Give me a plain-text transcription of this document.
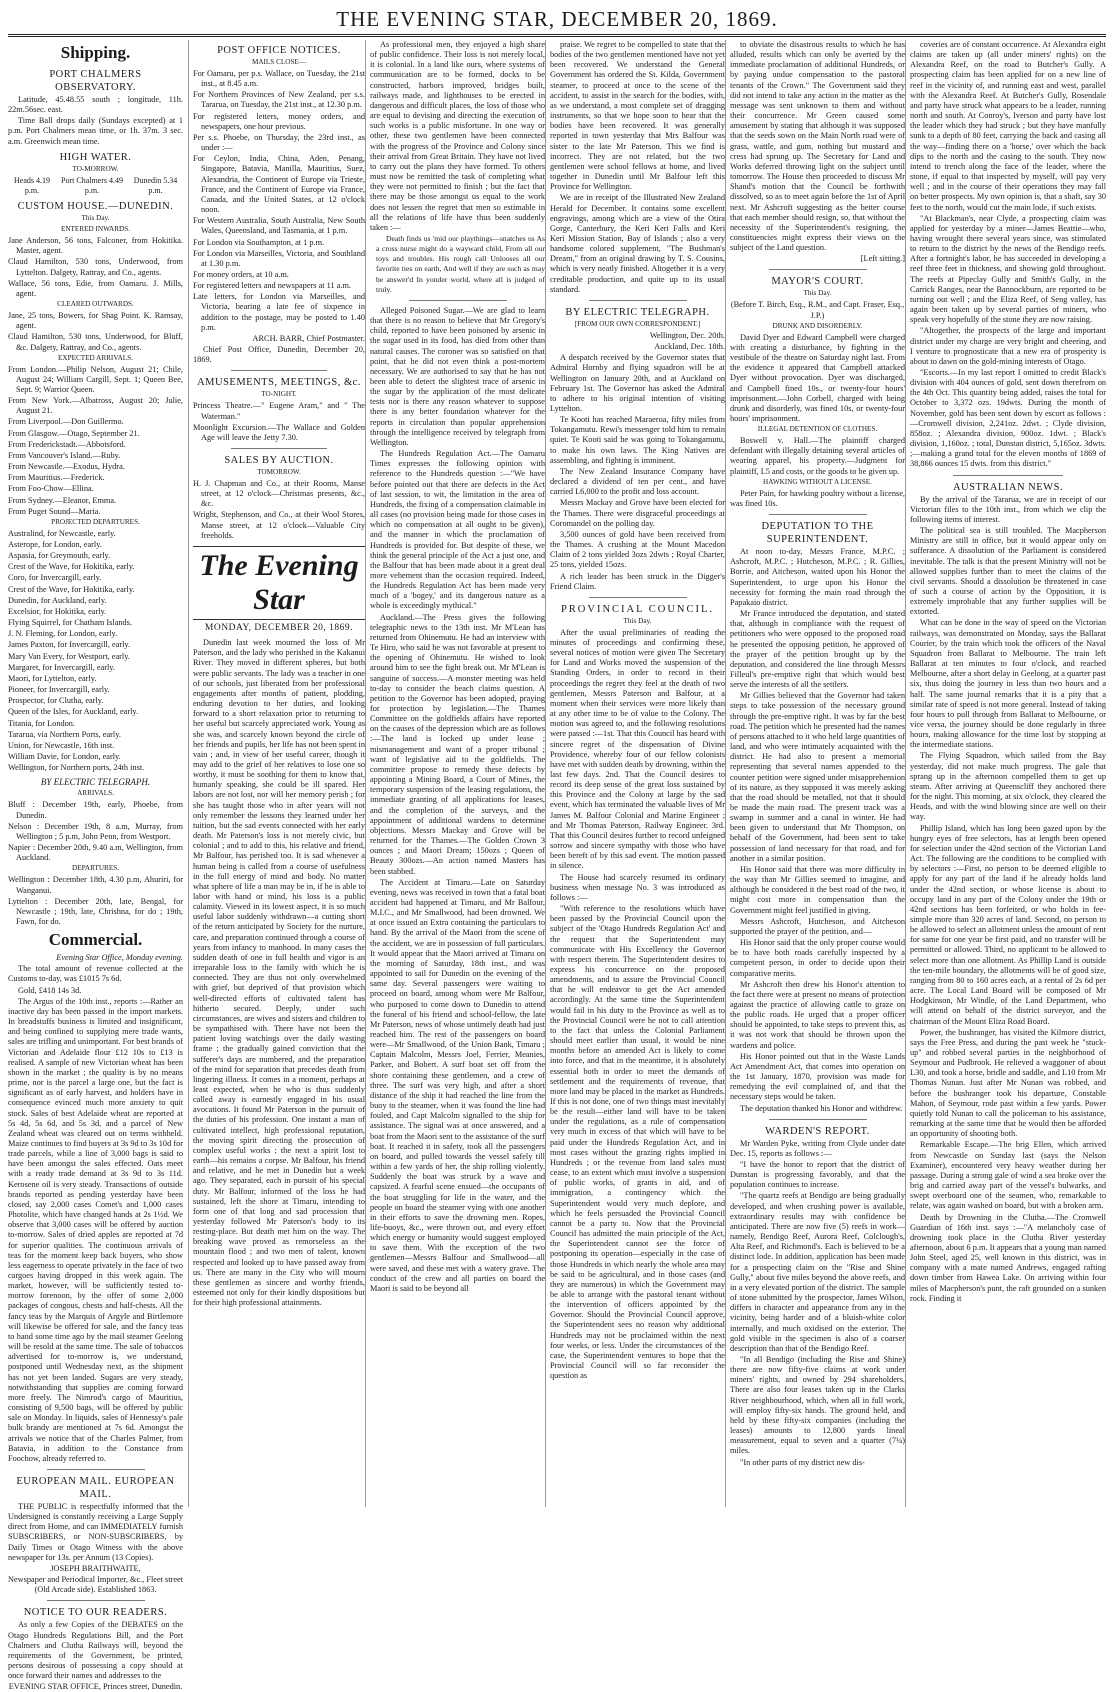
THE EVENING STAR, DECEMBER 20, 1869.
Shipping.
PORT CHALMERS OBSERVATORY.

Latitude, 45.48.55 south ; longitude, 11h. 22m.56sec. east.

Time Ball drops daily (Sundays excepted) at 1 p.m. Port Chalmers mean time, or 1h. 37m. 3 sec. a.m. Greenwich mean time.

HIGH WATER.
TO-MORROW.
Heads 4.19 p.m.
Port Chalmers 4.49 p.m.
Dunedin 5.34 p.m.
CUSTOM HOUSE.—DUNEDIN.
This Day.
ENTERED INWARDS.

Jane Anderson, 56 tons, Falconer, from Hokitika. Master, agent.

Claud Hamilton, 530 tons, Underwood, from Lyttelton. Dalgety, Rattray, and Co., agents.

Wallace, 56 tons, Edie, from Oamaru. J. Mills, agent.

CLEARED OUTWARDS.

Jane, 25 tons, Bowers, for Shag Point. K. Ramsay, agent.

Claud Hamilton, 530 tons, Underwood, for Bluff, &c. Dalgety, Rattray, and Co., agents.

EXPECTED ARRIVALS.

From London.—Philip Nelson, August 21; Chile, August 24; William Cargill, Sept. 1; Queen Bee, Sept. 9; Warrior Queen.

From New York.—Albatross, August 20; Julie, August 21.

From Liverpool.—Don Guillermo.

From Glasgow.—Otago, September 21.

From Frederickstadt.—Abbotsford.

From Vancouver's Island.—Ruby.

From Newcastle.—Exodus, Hydra.

From Mauritius.—Frederick.

From Foo-Chow—Ellina.

From Sydney.—Eleanor, Emma.

From Puget Sound—Maria.

PROJECTED DEPARTURES.

Australind, for Newcastle, early.

Asterope, for London, early.

Aspasia, for Greymouth, early.

Crest of the Wave, for Hokitika, early.

Coro, for Invercargill, early.

Crest of the Wave, for Hokitika, early.

Dunedin, for Auckland, early.

Excelsior, for Hokitika, early.

Flying Squirrel, for Chatham Islands.

J. N. Fleming, for London, early.

James Paxton, for Invercargill, early.

Mary Van Every, for Westport, early.

Margaret, for Invercargill, early.

Maori, for Lyttelton, early.

Pioneer, for Invercargill, early.

Prospector, for Clutha, early.

Queen of the Isles, for Auckland, early.

Titania, for London.

Tararua, via Northern Ports, early.

Union, for Newcastle, 16th inst.

William Davie, for London, early.

Wellington, for Northern ports, 24th inst.

BY ELECTRIC TELEGRAPH.
ARRIVALS.

Bluff : December 19th, early, Phoebe, from Dunedin.

Nelson : December 19th, 8 a.m, Murray, from Wellington ; 5 p.m, John Penn, from Westport.

Napier : December 20th, 9.40 a.m, Wellington, from Auckland.

DEPARTURES.

Wellington : December 18th, 4.30 p.m, Ahuriri, for Wanganui.

Lyttelton : December 20th, late, Bengal, for Newcastle ; 19th, late, Chrishna, for do ; 19th, Fawn, for do.

Commercial.

Evening Star Office, Monday evening.

The total amount of revenue collected at the Customs to-day, was £1015 7s 6d.

Gold, £418 14s 3d.

The Argus of the 10th inst., reports :—Rather an inactive day has been passed in the import markets. In breadstuffs business is limited and insignificant, and being confined to supplying mere trade wants, sales are trifling and unimportant. For best brands of Victorian and Adelaide flour £12 10s to £13 is realised. A sample of new Victorian wheat has been shown in the market ; the quality is by no means prime, nor is the parcel a large one, but the fact is significant as of early harvest, and holders have in consequence evinced much more anxiety to quit stock. Sales of best Adelaide wheat are reported at 5s 4d, 5s 6d, and 5s 3d, and a parcel of New Zealand wheat was cleared out on terms withheld. Maize continues to find buyers at 3s 9d to 3s 10d for trade parcels, while a line of 3,000 bags is said to have been amongst the sales effected. Oats meet with a ready trade demand at 3s 9d to 3s 11d. Kerosene oil is very steady. Transactions of outside brands reported as pending yesterday have been closed, say 2,000 cases Comet's and 1,000 cases Photolite, which have changed hands at 2s 1½d. We observe that 3,000 cases will be offered by auction to-morrow. Sales of dried apples are reported at 7d for superior qualities. The continuous arrivals of teas for the moment keep back buyers, who show less eagerness to operate privately in the face of two cargoes having dropped in this week again. The market, however, will be sufficiently tested to-morrow forenoon, by the offer of some 2,000 packages of congous, chests and half-chests. All the fancy teas by the Marquis of Argyle and Birtlemore will likewise be offered for sale, and the fancy teas to hand some time ago by the mail steamer Geelong will be resold at the same time. The sale of tobaccos advertised for to-morrow is, we understand, postponed until Wednesday next, as the shipment has not yet been landed. Sugars are very steady, notwithstanding that supplies are coming forward more freely. The Nimrod's cargo of Mauritius, consisting of 9,500 bags, will be offered by public sale on Monday. In liquids, sales of Hennessy's pale bulk brandy are mentioned at 7s 6d. Amongst the arrivals we notice that of the Charles Palmer, from Batavia, in addition to the Constance from Foochow, already referred to.

EUROPEAN MAIL. EUROPEAN MAIL.

THE PUBLIC is respectfully informed that the Undersigned is constantly receiving a Large Supply direct from Home, and can IMMEDIATELY furnish SUBSCRIBERS, or NON-SUBSCRIBERS, by Daily Times or Otago Witness with the above newspaper for 13s. per Annum (13 Copies).

JOSEPH BRAITHWAITE,

Newspaper and Periodical Importer, &c., Fleet street (Old Arcade side). Established 1863.

NOTICE TO OUR READERS.

As only a few Copies of the DEBATES on the Otago Hundreds Regulations Bill, and the Port Chalmers and Clutha Railways will, beyond the requirements of the Government, be printed, persons desirous of possessing a copy should at once forward their names and addresses to the

EVENING STAR OFFICE, Princes street, Dunedin.

POST OFFICE NOTICES.
MAILS CLOSE—

For Oamaru, per p.s. Wallace, on Tuesday, the 21st inst., at 8.45 a.m.

For Northern Provinces of New Zealand, per s.s. Tararua, on Tuesday, the 21st inst., at 12.30 p.m.

For registered letters, money orders, and newspapers, one hour previous.

Per s.s. Phoebe, on Thursday, the 23rd inst., as under :—

For Ceylon, India, China, Aden, Penang, Singapore, Batavia, Manilla, Mauritius, Suez, Alexandria, the Continent of Europe via Trieste, France, and the Continent of Europe via France, Canada, and the United States, at 12 o'clock noon.

For Western Australia, South Australia, New South Wales, Queensland, and Tasmania, at 1 p.m.

For London via Southampton, at 1 p.m.

For London via Marseilles, Victoria, and Southland at 1.30 p.m.

For money orders, at 10 a.m.

For registered letters and newspapers at 11 a.m.

Late letters, for London via Marseilles, and Victoria, bearing a late fee of sixpence in addition to the postage, may be posted to 1.40 p.m.

ARCH. BARR, Chief Postmaster.

Chief Post Office, Dunedin, December 20, 1869.

AMUSEMENTS, MEETINGS, &c.
TO-NIGHT.

Princess Theatre.—" Eugene Aram," and " The Waterman."

Moonlight Excursion.—The Wallace and Golden Age will leave the Jetty 7.30.

SALES BY AUCTION.
TOMORROW.

H. J. Chapman and Co., at their Rooms, Manse street, at 12 o'clock—Christmas presents, &c., &c.

Wright, Stephenson, and Co., at their Wool Stores, Manse street, at 12 o'clock—Valuable City freeholds.

The Evening Star
MONDAY, DECEMBER 20, 1869.

Dunedin last week mourned the loss of Mr Paterson, and the lady who perished in the Kakanui River. They moved in different spheres, but both were public servants. The lady was a teacher in one of our schools, just liberated from her professional engagements after months of patient, plodding, enduring devotion to her duties, and looking forward to a short relaxation prior to returning to her useful but scarcely appreciated work. Young as she was, and scarcely known beyond the circle of her friends and pupils, her life has not been spent in vain ; and, in view of her useful career, though it may add to the grief of her relatives to lose one so worthy, it must be soothing for them to know that, humanly speaking, she could be ill spared. Her labors are not lost, nor will her memory perish ; for she has taught those who in after years will not only remember the lessons they learned under her tuition, but the sad events connected with her early death. Mr Paterson's loss is not merely civic, but colonial ; and to add to this, his relative and friend, Mr Balfour, has perished too. It is sad whenever a human being is called from a course of usefulness in the full energy of mind and body. No matter what sphere of life a man may be in, if he is able to labor with hand or mind, his loss is a public calamity. Viewed in its lowest aspect, it is so much useful labor suddenly withdrawn—a cutting short of the return anticipated by Society for the nurture, care, and preparation continued through a course of years from infancy to manhood. In many cases the sudden death of one in full health and vigor is an irreparable loss to the family with which he is connected. They are thus not only overwhelmed with grief, but deprived of that provision which well-directed efforts of cultivated talent has hitherto secured. Deeply, under such circumstances, are wives and sisters and children to be sympathised with. There have not been the patient loving watchings over the daily wasting frame ; the gradually gained conviction that the sufferer's days are numbered, and the preparation of the mind for separation that precedes death from lingering illness. It comes in a moment, perhaps at least expected, when he who is thus suddenly called away is earnestly engaged in his usual avocations. It found Mr Paterson in the pursuit of the duties of his profession. One instant a man of cultivated intellect, high professional reputation, the moving spirit directing the prosecution of complex useful works ; the next a spirit lost to earth—his remains a corpse. Mr Balfour, his friend and relative, and he met in Dunedin but a week ago. They separated, each in pursuit of his special duty. Mr Balfour, informed of the loss he had sustained, left the shore at Timaru, intending to form one of that long and sad procession that yesterday followed Mr Paterson's body to its resting-place. But death met him on the way. The breaking wave proved as remorseless as the mountain flood ; and two men of talent, known respected and looked up to have passed away from us. There are many in the City who will mourn these gentlemen as sincere and worthy friends, esteemed not only for their kindly dispositions but for their high professional attainments.

As professional men, they enjoyed a high share of public confidence. Their loss is not merely local, it is colonial. In a land like ours, where systems of communication are to be formed, docks to be constructed, harbors improved, bridges built, railways made, and lighthouses to be erected in dangerous and difficult places, the loss of those who are equal to devising and directing the execution of such works is a public misfortune. In one way or other, these two gentlemen have been connected with the progress of the Province and Colony since their arrival from Great Britain. They have not lived to carry out the plans they have formed. To others must now be remitted the task of completing what they were not permitted to finish ; but the fact that there may be those amongst us equal to the work does not lessen the regret that men so estimable in all the relations of life have thus been suddenly taken :—

Death finds us 'mid our playthings—snatches us As a cross nurse might do a wayward child, From all our toys and troubles. His rough call Unlooses all our favorite ties on earth, And well if they are such as may be answer'd In yonder world, where all is judged of truly.

Alleged Poisoned Sugar.—We are glad to learn that there is no reason to believe that Mr Gregory's child, reported to have been poisoned by arsenic in the sugar used in its food, has died from other than natural causes. The coroner was so satisfied on that point, that he did not even think a post-mortem necessary. We are authorised to say that he has not been able to detect the slightest trace of arsenic in the sugar by the application of the most delicate tests nor is there any reason whatever to suppose there is any better foundation whatever for the reports in circulation than popular apprehension through the intelligence received by telegraph from Wellington.

The Hundreds Regulation Act.—The Oamaru Times expresses the following opinion with reference to the Hundreds question :—"We have before pointed out that there are defects in the Act of last session, to wit, the limitation in the area of Hundreds, the fixing of a compensation claimable in all cases (no provision being made for those cases in which no compensation at all ought to be given), and the manner in which the proclamation of Hundreds is provided for. But despite of these, we think the general principle of the Act a just one, and the Balfour that has been made about it a great deal more vehement than the occasion required. Indeed, the Hundreds Regulation Act has been made very much of a 'bogey,' and its dangerous nature as a whole is exceedingly mythical."

Auckland.—The Press gives the following telegraphic news to the 13th inst. Mr M'Lean has returned from Ohinemutu. He had an interview with Te Hiro, who said he was not favorable at present to the opening of Ohinemutu. He wished to look around him to see the fight break out. Mr M'Lean is sanguine of success.—A monster meeting was held to-day to consider the beach claims question. A petition to the Governor has been adopted, praying for protection by legislation.—The Thames Committee on the goldfields affairs have reported on the causes of the depression which are as follows :—The land is locked up under lease ; mismanagement and want of a proper tribunal ; want of legislative aid to the goldfields. The committee propose to remedy these defects by appointing a Mining Board, a Court of Mines, the temporary suspension of the leasing regulations, the immediate granting of all applications for leases, and the completion of the surveys, and the appointment of additional wardens to determine objections. Messrs Mackay and Grove will be returned for the Thames.—The Golden Crown 3 ounces ; and Maori Dream; 150ozs ; Queen of Beauty 300ozs.—An action named Masters has been stabbed.

The Accident at Timaru.—Late on Saturday evening, news was received in town that a fatal boat accident had happened at Timaru, and Mr Balfour, M.I.C., and Mr Smallwood, had been drowned. We at once issued an Extra containing the particulars to hand. By the arrival of the Maori from the scene of the accident, we are in possession of full particulars. It would appear that the Maori arrived at Timaru on the morning of Saturday, 18th inst., and was appointed to sail for Dunedin on the evening of the same day. Several passengers were waiting to proceed on board, among whom were Mr Balfour, who purposed to come down to Dunedin to attend the funeral of his friend and school-fellow, the late Mr Paterson, news of whose untimely death had just reached him. The rest of the passengers on board were—Mr Smallwood, of the Union Bank, Timaru ; Captain Malcolm, Messrs Joel, Ferrier, Meanies, Parker, and Bobert. A surf boat set off from the shore containing these gentlemen, and a crew of three. The surf was very high, and after a short distance of the ship it had reached the line from the buoy to the steamer, when it was found the line had fouled, and Capt Malcolm signalled to the ship for assistance. The signal was at once answered, and a boat from the Maori sent to the assistance of the surf boat. It reached it in safety, took all the passengers on board, and pulled towards the vessel safely till within a few yards of her, the ship rolling violently. Suddenly the boat was struck by a wave and capsized. A fearful scene ensued—the occupants of the boat struggling for life in the water, and the people on board the steamer vying with one another in their efforts to save the drowning men. Ropes, life-buoys, &c., were thrown out, and every effort which energy or humanity would suggest employed to save them. With the exception of the two gentlemen—Messrs Balfour and Smallwood—all were saved, and these met with a watery grave. The conduct of the crew and all parties on board the Maori is said to be beyond all

praise. We regret to be compelled to state that the bodies of the two gentlemen mentioned have not yet been recovered. We understand the General Government has ordered the St. Kilda, Government steamer, to proceed at once to the scene of the accident, to assist in the search for the bodies, with, as we understand, a most complete set of dragging instruments, so that we hope soon to hear that the bodies have been recovered. It was generally reported in town yesterday that Mrs Balfour was sister to the late Mr Paterson. This we find is incorrect. They are not related, but the two gentlemen were school fellows at home, and lived together in Dunedin until Mr Balfour left this Province for Wellington.

We are in receipt of the Illustrated New Zealand Herald for December. It contains some excellent engravings, among which are a view of the Otira Gorge, Canterbury, the Keri Keri Falls and Keri Keri Mission Station, Bay of Islands ; also a very handsome colored supplement, "The Bushman's Dream," from an original drawing by T. S. Cousins, which is very neatly finished. Altogether it is a very creditable production, and quite up to its usual standard.

BY ELECTRIC TELEGRAPH.
[FROM OUR OWN CORRESPONDENT.]

Wellington, Dec. 20th.

Auckland, Dec. 18th.

A despatch received by the Governor states that Admiral Hornby and flying squadron will be at Wellington on January 20th, and at Auckland on February 1st. The Governor has asked the Admiral to adhere to his original intention of visiting Lyttelton.

Te Kooti has reached Maraeroa, fifty miles from Tokangamutu. Rewi's messenger told him to remain quiet. Te Kooti said he was going to Tokangamutu, to make his own laws. The King Natives are assembling, and fighting is imminent.

The New Zealand Insurance Company have declared a dividend of ten per cent., and have carried L6,000 to the profit and loss account.

Messrs Mackay and Grove have been elected for the Thames. There were disgraceful proceedings at Coromandel on the polling day.

3,500 ounces of gold have been received from the Thames. A crushing at the Mount Macedon Claim of 2 tons yielded 3ozs 2dwts ; Royal Charter, 25 tons, yielded 15ozs.

A rich leader has been struck in the Digger's Friend Claim.

PROVINCIAL COUNCIL.
This Day.

After the usual preliminaries of reading the minutes of proceedings and confirming these, several notices of motion were given The Secretary for Land and Works moved the suspension of the Standing Orders, in order to record in their proceedings the regret they feel at the death of two gentlemen, Messrs Paterson and Balfour, at a moment when their services were more likely than at any other time to be of value to the Colony. The motion was agreed to, and the following resolutions were passed :—1st. That this Council has heard with sincere regret of the dispensation of Divine Providence, whereby four of our fellow colonists have met with sudden death by drowning, within the last few days. 2nd. That the Council desires to record its deep sense of the great loss sustained by this Province and the Colony at large by the sad event, which has terminated the valuable lives of Mr James M. Balfour Colonial and Marine Engineer ; and Mr Thomas Paterson, Railway Engineer. 3rd. That this Council desires further to record unfeigned sorrow and sincere sympathy with those who have been bereft of by this sad event. The motion passed in silence.

The House had scarcely resumed its ordinary business when message No. 3 was introduced as follows :—

"With reference to the resolutions which have been passed by the Provincial Council upon the subject of the 'Otago Hundreds Regulation Act' and the request that the Superintendent may communicate with His Excellency the Governor with respect thereto. The Superintendent desires to express his concurrence on the proposed amendments, and to assure the Provincial Council that he will endeavor to get the Act amended accordingly. At the same time the Superintendent would fail in his duty to the Province as well as to the Provincial Council were he not to call attention to the fact that unless the Colonial Parliament should meet earlier than usual, it would be nine months before an amended Act is likely to come into force, and that in the meantime, it is absolutely essential both in order to meet the demands of settlement and the requirements of revenue, that more land may be placed in the market as Hundreds. If this is not done, one of two things must inevitably be the result—either land will have to be taken under the regulations, as a rule of compensation very much in excess of that which will have to be paid under the Hundreds Regulation Act, and in most cases without the grazing rights implied in Hundreds ; or the revenue from land sales must cease, to an extent which must involve a suspension of public works, of grants in aid, and of immigration, a contingency which the Superintendent would very much deplore, and which he feels persuaded the Provincial Council cannot be a party to. Now that the Provincial Council has admitted the main principle of the Act, the Superintendent cannot see the force of postponing its operation—especially in the case of those Hundreds in which nearly the whole area may be said to be agricultural, and in those cases (and they are numerous) in which the Government may be able to arrange with the pastoral tenant without the intervention of officers appointed by the Governor. Should the Provincial Council approve, the Superintendent sees no reason why additional Hundreds may not be proclaimed within the next four weeks, or less. Under the circumstances of the case, the Superintendent ventures to hope that the Provincial Council will so far reconsider the question as

to obviate the disastrous results to which he has alluded, results which can only be averted by the immediate proclamation of additional Hundreds, or by paying undue compensation to the pastoral tenants of the Crown." The Government said they did not intend to take any action in the matter as the message was sent unknown to them and without their concurrence. Mr Green caused some amusement by stating that although it was supposed that the seeds sown on the Main North road were of grass, wattle, and gum, nothing but mustard and cress had sprung up. The Secretary for Land and Works deferred throwing light on the subject until tomorrow. The House then proceeded to discuss Mr Shand's motion that the Council be forthwith dissolved, so as to meet again before the 1st of April next. Mr Ashcroft suggesting as the better course that each member should resign, so, that without the necessity of the Superintendent's resigning, the constituencies might express their views on the subject of the Land question.

[Left sitting.]

MAYOR'S COURT.
This Day.

(Before T. Birch, Esq., R.M., and Capt. Fraser, Esq., J.P.)

DRUNK AND DISORDERLY.

David Dyer and Edward Campbell were charged with creating a disturbance, by fighting in the vestibule of the theatre on Saturday night last. From the evidence it appeared that Campbell attacked Dyer without provocation. Dyer was discharged, and Campbell fined 10s., or twenty-four hours' imprisonment.—John Corbell, charged with being drunk and disorderly, was fined 10s, or twenty-four hours' imprisonment.

ILLEGAL DETENTION OF CLOTHES.

Boswell v. Hall.—The plaintiff charged defendant with illegally detaining several articles of wearing apparel, his property.—Judgment for plaintiff, L5 and costs, or the goods to be given up.

HAWKING WITHOUT A LICENSE.

Peter Pain, for hawking poultry without a license, was fined 10s.

DEPUTATION TO THE SUPERINTENDENT.

At noon to-day, Messrs France, M.P.C. ; Ashcroft, M.P.C. ; Hutcheson, M.P.C. ; R. Gillies, Borrie, and Aitcheson, waited upon his Honor the Superintendent, to urge upon his Honor the necessity for forming the main road through the Papakaio district.

Mr France introduced the deputation, and stated that, although in compliance with the request of petitioners who were opposed to the proposed road he presented the opposing petition, he approved of the prayer of the petition brought up by the deputation, and considered the line through Messrs Filleul's pre-emptive right that which would best serve the interests of all the settlers.

Mr Gillies believed that the Governor had taken steps to take possession of the necessary ground through the pre-emptive right. It was by far the best road. The petition which he presented had the names of persons attached to it who held large quantities of land, and who were intimately acquainted with the district. He had also to present a memorial representing that several names appended to the counter petition were signed under misapprehension of its nature, as they supposed it was merely asking that the road should be metalled, not that it should be made the main road. The present track was a swamp in summer and a canal in winter. He had been given to understand that Mr Thompson, on behalf of the Government, had been sent to take possession of land necessary for that road, and for another in a similar position.

His Honor said that there was more difficulty in the way than Mr Gillies seemed to imagine, and although he considered it the best road of the two, it might cost more in compensation than the Government might feel justified in giving.

Messrs Ashcroft, Hutcheson, and Aitcheson supported the prayer of the petition, and—

His Honor said that the only proper course would be to have both roads carefully inspected by a competent person, in order to decide upon their comparative merits.

Mr Ashcroft then drew his Honor's attention to the fact there were at present no means of protection against the practice of allowing cattle to graze on the public roads. He urged that a proper officer should be appointed, to take steps to prevent this, as it was not work that should be thrown upon the wardens and police.

His Honor pointed out that in the Waste Lands Act Amendment Act, that comes into operation on the 1st January, 1870, provision was made for remedying the evil complained of, and that the necessary steps would be taken.

The deputation thanked his Honor and withdrew.

WARDEN'S REPORT.

Mr Warden Pyke, writing from Clyde under date Dec. 15, reports as follows :—

"I have the honor to report that the district of Dunstan is progressing favorably, and that the population continues to increase.

"The quartz reefs at Bendigo are being gradually developed, and when crushing power is available, extraordinary results may with confidence be anticipated. There are now five (5) reefs in work—namely, Bendigo Reef, Aurora Reef, Colclough's, Alta Reef, and Richmond's. Each is believed to be a distinct lode. In addition, application has been made for a prospecting claim on the "Rise and Shine Gully," about five miles beyond the above reefs, and in a very elevated portion of the district. The sample of stone submitted by the prospector, James Wilson, differs in character and appearance from any in the vicinity, being harder and of a bluish-white color internally, and much oxidised on the exterior. The gold visible in the specimen is also of a coarser description than that of the Bendigo Reef.

"In all Bendigo (including the Rise and Shine) there are now fifty-five claims at work under miners' rights, and owned by 294 shareholders. There are also four leases taken up in the Clarks River neighbourhood, which, when all in full work, will employ fifty-six hands. The ground held, and held by these fifty-six companies (including the leases) amounts to 12,800 yards lineal measurement, equal to seven and a quarter (7¼) miles.

"In other parts of my district new dis-

coveries are of constant occurrence. At Alexandra eight claims are taken up (all under miners' rights) on the Alexandra Reef, on the road to Butcher's Gully. A prospecting claim has been applied for on a new line of reef in the vicinity of, and running east and west, parallel with the Alexandra Reef. At Butcher's Gully, Rosendale and party have struck what appears to be a leader, running north and south. At Conroy's, Iverson and party have lost the leader which they had struck ; but they have manfully sunk to a depth of 80 feet, carrying the back and casing all the way—finding there on a 'horse,' over which the back dips to the north and the casing to the south. They now intend to trench along the face of the leader, where the stone, if equal to that inspected by myself, will pay very well ; and in the course of their operations they may fall on better prospects. My own opinion is, that a shaft, say 30 feet to the north, would cut the main lode, if such exists.

"At Blackman's, near Clyde, a prospecting claim was applied for yesterday by a miner—James Beattie—who, having wrought there several years since, was stimulated to return to the district by the news of the Bendigo reefs. After a fortnight's labor, he has succeeded in developing a reef three feet in thickness, and showing gold throughout. The reefs at Pipeclay Gully and Smith's Gully, in the Carrick Ranges, near the Bannockburn, are reported to be turning out well ; and the Eliza Reef, of Seng valley, has again been taken up by several parties of miners, who speak very hopefully of the stone they are now raising.

"Altogether, the prospects of the large and important district under my charge are very bright and cheering, and I venture to prognosticate that a new era of prosperity is about to dawn on the gold-mining interests of Otago.

"Escorts.—In my last report I omitted to credit Black's division with 404 ounces of gold, sent down therefrom on the 4th Oct. This quantity being added, raises the total for October to 3,372 ozs. 19dwts. During the month of November, gold has been sent down by escort as follows :—Cromwell division, 2,241oz. 2dwt. ; Clyde division, 858oz. ; Alexandra division, 900oz. 1dwt. ; Black's division, 1,160oz. ; total, Dunstan district, 5,165oz. 3dwts. ;—making a grand total for the eleven months of 1869 of 38,866 ounces 15 dwts. from this district."

AUSTRALIAN NEWS.

By the arrival of the Tararua, we are in receipt of our Victorian files to the 10th inst., from which we clip the following items of interest.

The political sea is still troubled. The Macpherson Ministry are still in office, but it would appear only on sufferance. A dissolution of the Parliament is considered inevitable. The talk is that the present Ministry will not be allowed supplies further than to meet the claims of the civil servants. Should a dissolution be threatened in case of such a course of action by the Opposition, it is extremely improbable that any further supplies will be extorted.

What can be done in the way of speed on the Victorian railways, was demonstrated on Monday, says the Ballarat Courier, by the train which took the officers of the Naval Squadron from Ballarat to Melbourne. The train left Ballarat at ten minutes to four o'clock, and reached Melbourne, after a short delay in Geelong, at a quarter past six, thus doing the journey in less than two hours and a half. The same journal remarks that it is a pity that a similar rate of speed is not more general. Instead of taking four hours to pull through from Ballarat to Melbourne, or vice versa, the journey should be done regularly in three hours, making allowance for the time lost by stopping at the intermediate stations.

The Flying Squadron, which sailed from the Bay yesterday, did not make much progress. The gale that sprang up in the afternoon compelled them to get up steam. After arriving at Queenscliff they anchored there for the night. This morning, at six o'clock, they cleared the Heads, and with the wind blowing since are well on their way.

Phillip Island, which has long been gazed upon by the hungry eyes of free selectors, has at length been opened for selection under the 42nd section of the Victorian Land Act. The following are the conditions to be complied with by selectors :—First, no person to be deemed eligible to apply for any part of the land if he already holds land under the 42nd section, or whose license is about to occupy land in any part of the Colony under the 19th or 42nd sections has been forfeited, or who holds in fee-simple more than 320 acres of land. Second, no person to be allowed to select an allotment unless the amount of rent for same for one year be first paid, and no transfer will be permitted or allowed. Third, no applicant to be allowed to select more than one allotment. As Phillip Land is outside the ten-mile boundary, the allotments will be of good size, ranging from 80 to 160 acres each, at a rental of 2s 6d per acre. The Local Land Board will be composed of Mr Hodgkinson, Mr Windle, of the Land Department, who will attend on behalf of the district surveyor, and the chairman of the Mount Eliza Road Board.

Power, the bushranger, has visited the Kilmore district, says the Free Press, and during the past week he "stuck-up" and robbed several parties in the neighborhood of Seymour and Pudbrook. He relieved a waggoner of about L30, and took a horse, bridle and saddle, and L10 from Mr Thomas Nunan. Just after Mr Nunan was robbed, and before the bushranger took his departure, Constable Mahon, of Seymour, rode past within a few yards. Power quietly told Nunan to call the policeman to his assistance, remarking at the same time that he would then be afforded an opportunity of shooting both.

Remarkable Escape.—The brig Ellen, which arrived from Newcastle on Sunday last (says the Nelson Examiner), encountered very heavy weather during her passage. During a strong gale of wind a sea broke over the brig and carried away part of the vessel's bulwarks, and swept overboard one of the seamen, who, remarkable to relate, was again washed on board, but with a broken arm.

Death by Drowning in the Clutha.—The Cromwell Guardian of 16th inst. says :—"A melancholy case of drowning took place in the Clutha River yesterday afternoon, about 6 p.m. It appears that a young man named John Steel, aged 25, well known in this district, was in company with a mate named Andrews, engaged rafting down timber from Hawea Lake. On arriving within four miles of Macpherson's punt, the raft grounded on a sunken rock. Finding it
